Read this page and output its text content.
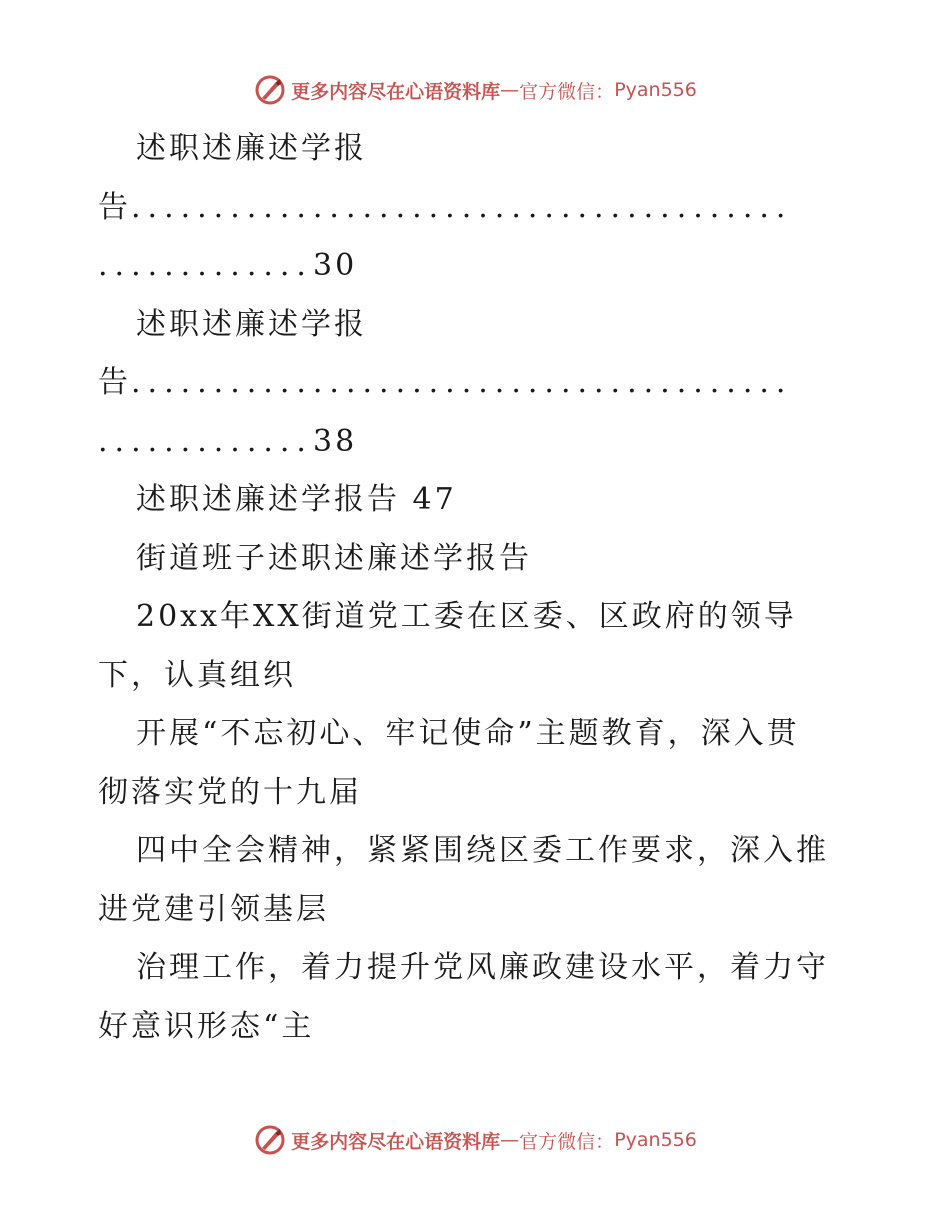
更多内容尽在心语资料库 — 官方微信： Pyan556
述职述廉述学报
告........................................
.............30
述职述廉述学报
告........................................
.............38
述职述廉述学报告 47
街道班子述职述廉述学报告
20xx年XX街道党工委在区委、区政府的领导
下，认真组织
开展“不忘初心、牢记使命”主题教育，深入贯
彻落实党的十九届
四中全会精神，紧紧围绕区委工作要求，深入推
进党建引领基层
治理工作，着力提升党风廉政建设水平，着力守
好意识形态“主
更多内容尽在心语资料库 — 官方微信： Pyan556
